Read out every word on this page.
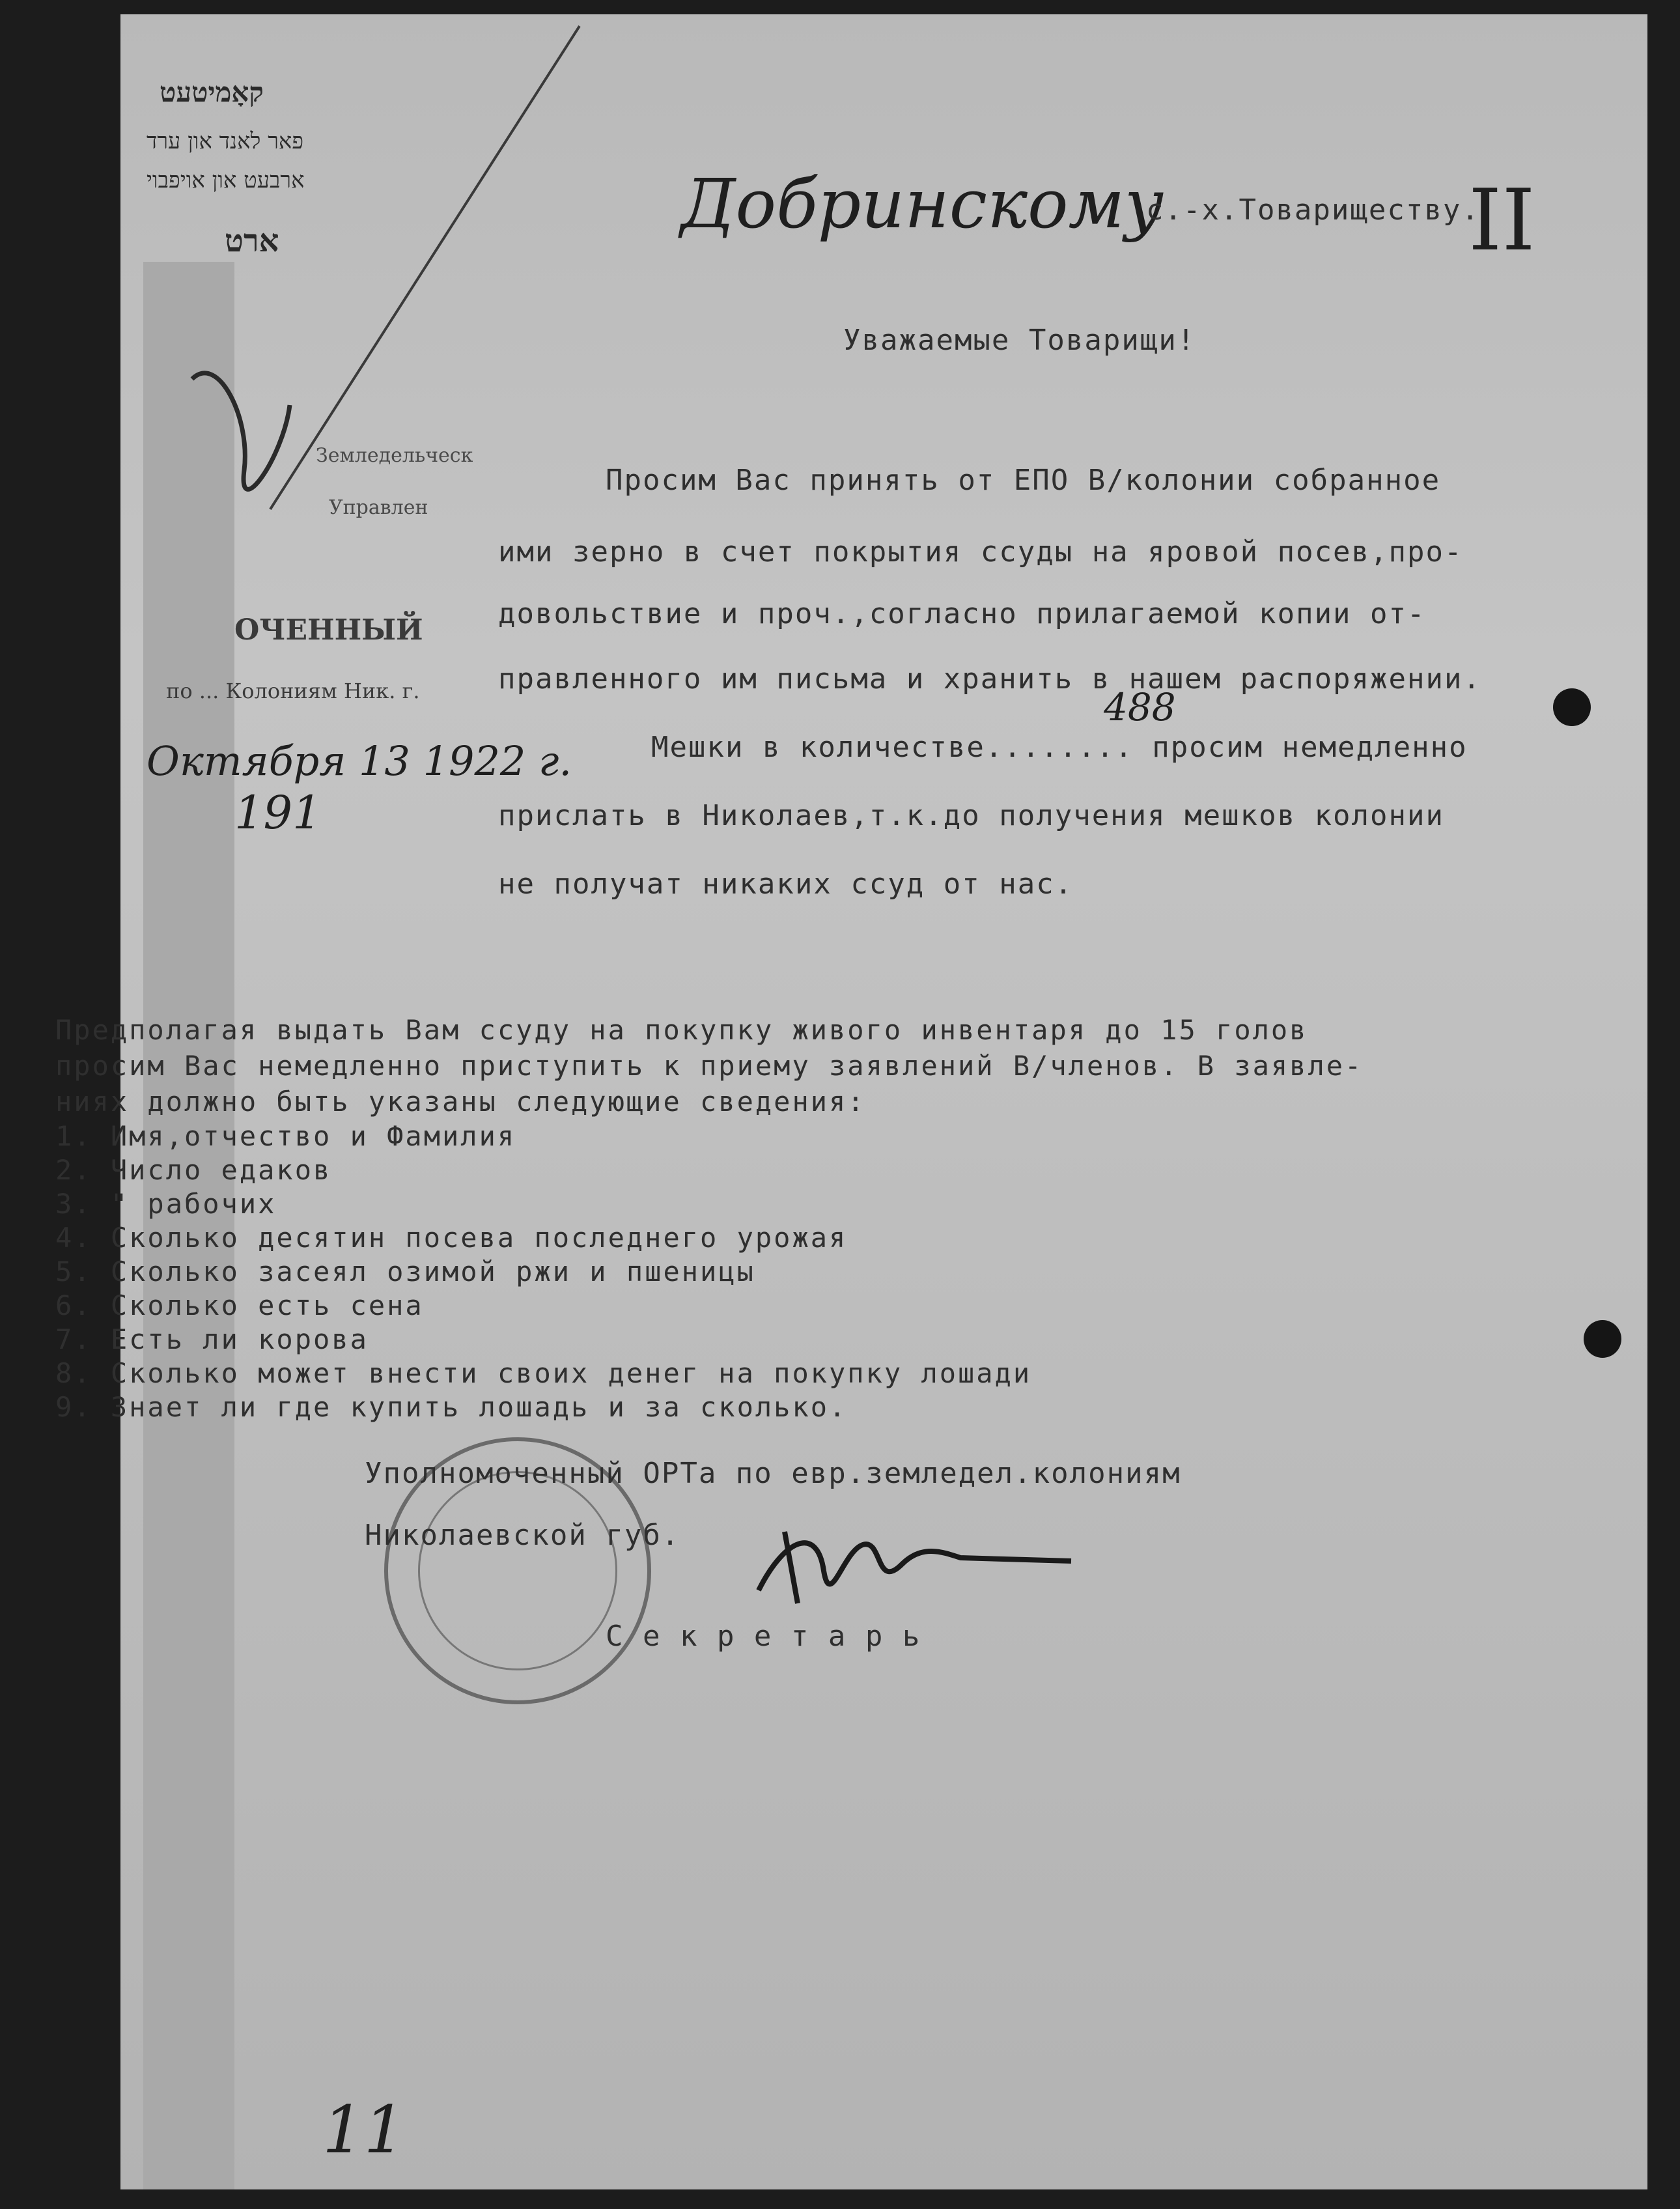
קאָמיטעט
פאר לאנד און ערד
ארבעט און אויפבוי
ארט
Земледельческ
Управлен
ОЧЕННЫЙ
по ... Колониям Ник. г.
Октября 13 1922 г.
191
Добринскому
с.-х.Товариществу.
II
Уважаемые Товарищи!
Просим Вас принять от ЕПО В/колонии собранное
ими зерно в счет покрытия ссуды на яровой посев,про-
довольствие и проч.,согласно прилагаемой копии от-
правленного им письма и хранить в нашем распоряжении.
488
Мешки в количестве........ просим немедленно
прислать в Николаев,т.к.до получения мешков колонии
не получат никаких ссуд от нас.
Предполагая выдать Вам ссуду на покупку живого инвентаря до 15 голов
просим Вас немедленно приступить к приему заявлений В/членов. В заявле-
ниях должно быть указаны следующие сведения:
1. Имя,отчество и Фамилия
2. Число едаков
3. " рабочих
4. Сколько десятин посева последнего урожая
5. Сколько засеял озимой ржи и пшеницы
6. Сколько есть сена
7. Есть ли корова
8. Сколько может внести своих денег на покупку лошади
9. Знает ли где купить лошадь и за сколько.
Уполномоченный ОРТа по евр.земледел.колониям
Николаевской губ.
С е к р е т а р ь
11
